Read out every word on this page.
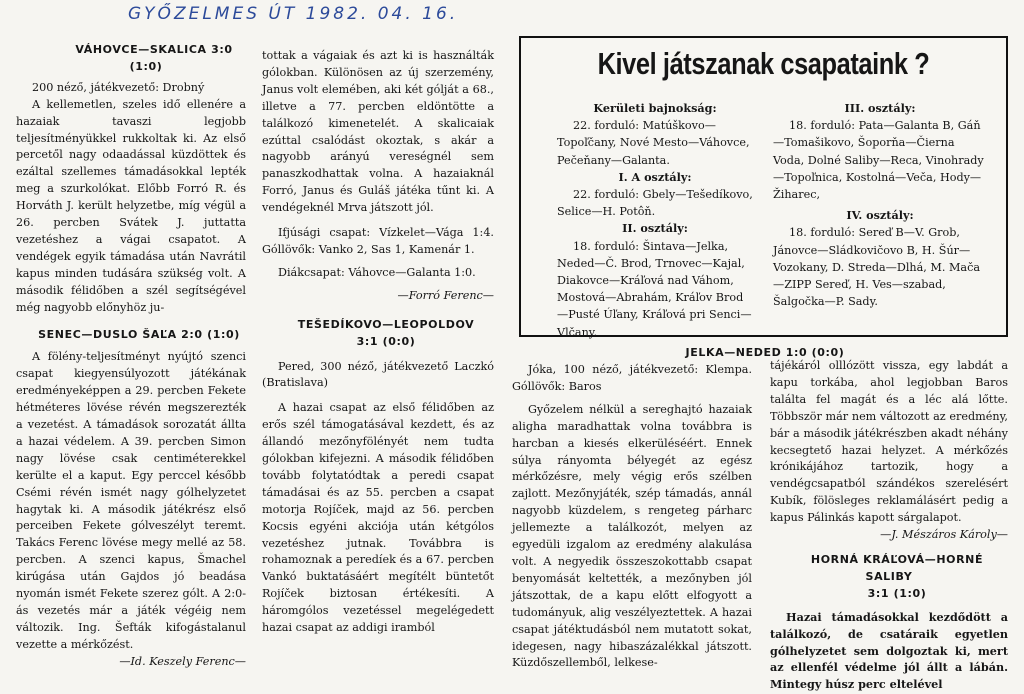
GYŐZELMES ÚT 1982. 04. 16.

VÁHOVCE—SKALICA 3:0 (1:0)

200 néző, játékvezető: Drobný

A kellemetlen, szeles idő ellenére a hazaiak tavaszi legjobb teljesítményükkel rukkoltak ki. Az első percetől nagy odaadással küzdöttek és ezáltal szellemes támadásokkal lepték meg a szurkolókat. Előbb Forró R. és Horváth J. került helyzetbe, míg végül a 26. percben Svátek J. juttatta vezetéshez a vágai csapatot. A vendégek egyik támadása után Navrátil kapus minden tudására szükség volt. A második félidőben a szél segítségével még nagyobb előnyhöz ju-

SENEC—DUSLO ŠAĽA 2:0 (1:0)

A fölény-teljesítményt nyújtó szenci csapat kiegyensúlyozott játékának eredményeképpen a 29. percben Fekete hétméteres lövése révén megszerezték a vezetést. A támadások sorozatát állta a hazai védelem. A 39. percben Simon nagy lövése csak centiméterekkel kerülte el a kaput. Egy perccel később Csémi révén ismét nagy gólhelyzetet hagytak ki. A második játékrész első perceiben Fekete gólveszélyt teremt. Takács Ferenc lövése megy mellé az 58. percben. A szenci kapus, Šmachel kirúgása után Gajdos jó beadása nyomán ismét Fekete szerez gólt. A 2:0-ás vezetés már a játék végéig nem változik. Ing. Šefták kifogástalanul vezette a mérkőzést.

—Id. Keszely Ferenc—

tottak a vágaiak és azt ki is használták gólokban. Különösen az új szerzemény, Janus volt elemében, aki két gólját a 68., illetve a 77. percben eldöntötte a találkozó kimenetelét. A skalicaiak ezúttal csalódást okoztak, s akár a nagyobb arányú vereségnél sem panaszkodhattak volna. A hazaiaknál Forró, Janus és Guláš játéka tűnt ki. A vendégeknél Mrva játszott jól.

Ifjúsági csapat: Vízkelet—Vága 1:4. Góllövők: Vanko 2, Sas 1, Kamenár 1.

Diákcsapat: Váhovce—Galanta 1:0.

—Forró Ferenc—

TEŠEDÍKOVO—LEOPOLDOV

3:1 (0:0)

Pered, 300 néző, játékvezető Laczkó (Bratislava)

A hazai csapat az első félidőben az erős szél támogatásával kezdett, és az állandó mezőnyfölényét nem tudta gólokban kifejezni. A második félidőben tovább folytatódtak a peredi csapat támadásai és az 55. percben a csapat motorja Rojíček, majd az 56. percben Kocsis egyéni akciója után kétgólos vezetéshez jutnak. Továbbra is rohamoznak a peredíek és a 67. percben Vankó buktatásáért megítélt büntetőt Rojíček biztosan értékesíti. A háromgólos vezetéssel megelégedett hazai csapat az addigi iramból

Kivel játszanak csapataink ?

Kerületi bajnokság:

22. forduló: Matúškovo—Topoľčany, Nové Mesto—Váhovce, Pečeňany—Galanta.

I. A osztály:

22. forduló: Gbely—Tešedíkovo, Selice—H. Potôň.

II. osztály:

18. forduló: Šintava—Jelka, Neded—Č. Brod, Trnovec—Kajal, Diakovce—Kráľová nad Váhom, Mostová—Abrahám, Kráľov Brod—Pusté Úľany, Kráľová pri Senci—Vlčany.

III. osztály:

18. forduló: Pata—Galanta B, Gáň—Tomašikovo, Šoporňa—Čierna Voda, Dolné Saliby—Reca, Vinohrady—Topoľnica, Kostolná—Veča, Hody—Žiharec,

IV. osztály:

18. forduló: Sereď B—V. Grob, Jánovce—Sládkovičovo B, H. Šúr—Vozokany, D. Streda—Dlhá, M. Mača—ZIPP Sereď, H. Ves—szabad, Šalgočka—P. Sady.

JELKA—NEDED 1:0 (0:0)

Jóka, 100 néző, játékvezető: Klempa. Góllövők: Baros

Győzelem nélkül a sereghajtó hazaiak aligha maradhattak volna továbbra is harcban a kiesés elkerüléséért. Ennek súlya rányomta bélyegét az egész mérkőzésre, mely végig erős szélben zajlott. Mezőnyjáték, szép támadás, annál nagyobb küzdelem, s rengeteg párharc jellemezte a találkozót, melyen az egyedüli izgalom az eredmény alakulása volt. A negyedik összeszokottabb csapat benyomását keltették, a mezőnyben jól játszottak, de a kapu előtt elfogyott a tudományuk, alig veszélyeztettek. A hazai csapat játéktudásból nem mutatott sokat, idegesen, nagy hibaszázalékkal játszott. Küzdőszellemből, lelkese-

tájékáról olllózött vissza, egy labdát a kapu torkába, ahol legjobban Baros találta fel magát és a léc alá lőtte. Többször már nem változott az eredmény, bár a második játékrészben akadt néhány kecsegtető hazai helyzet. A mérkőzés krónikájához tartozik, hogy a vendégcsapatból szándékos szerelésért Kubík, fölösleges reklamálásért pedig a kapus Pálinkás kapott sárgalapot.

—J. Mészáros Károly—

HORNÁ KRÁĽOVÁ—HORNÉ SALIBY

3:1 (1:0)

Hazai támadásokkal kezdődött a találkozó, de csatáraik egyetlen gólhelyzetet sem dolgoztak ki, mert az ellenfél védelme jól állt a lábán. Mintegy húsz perc eltelével
